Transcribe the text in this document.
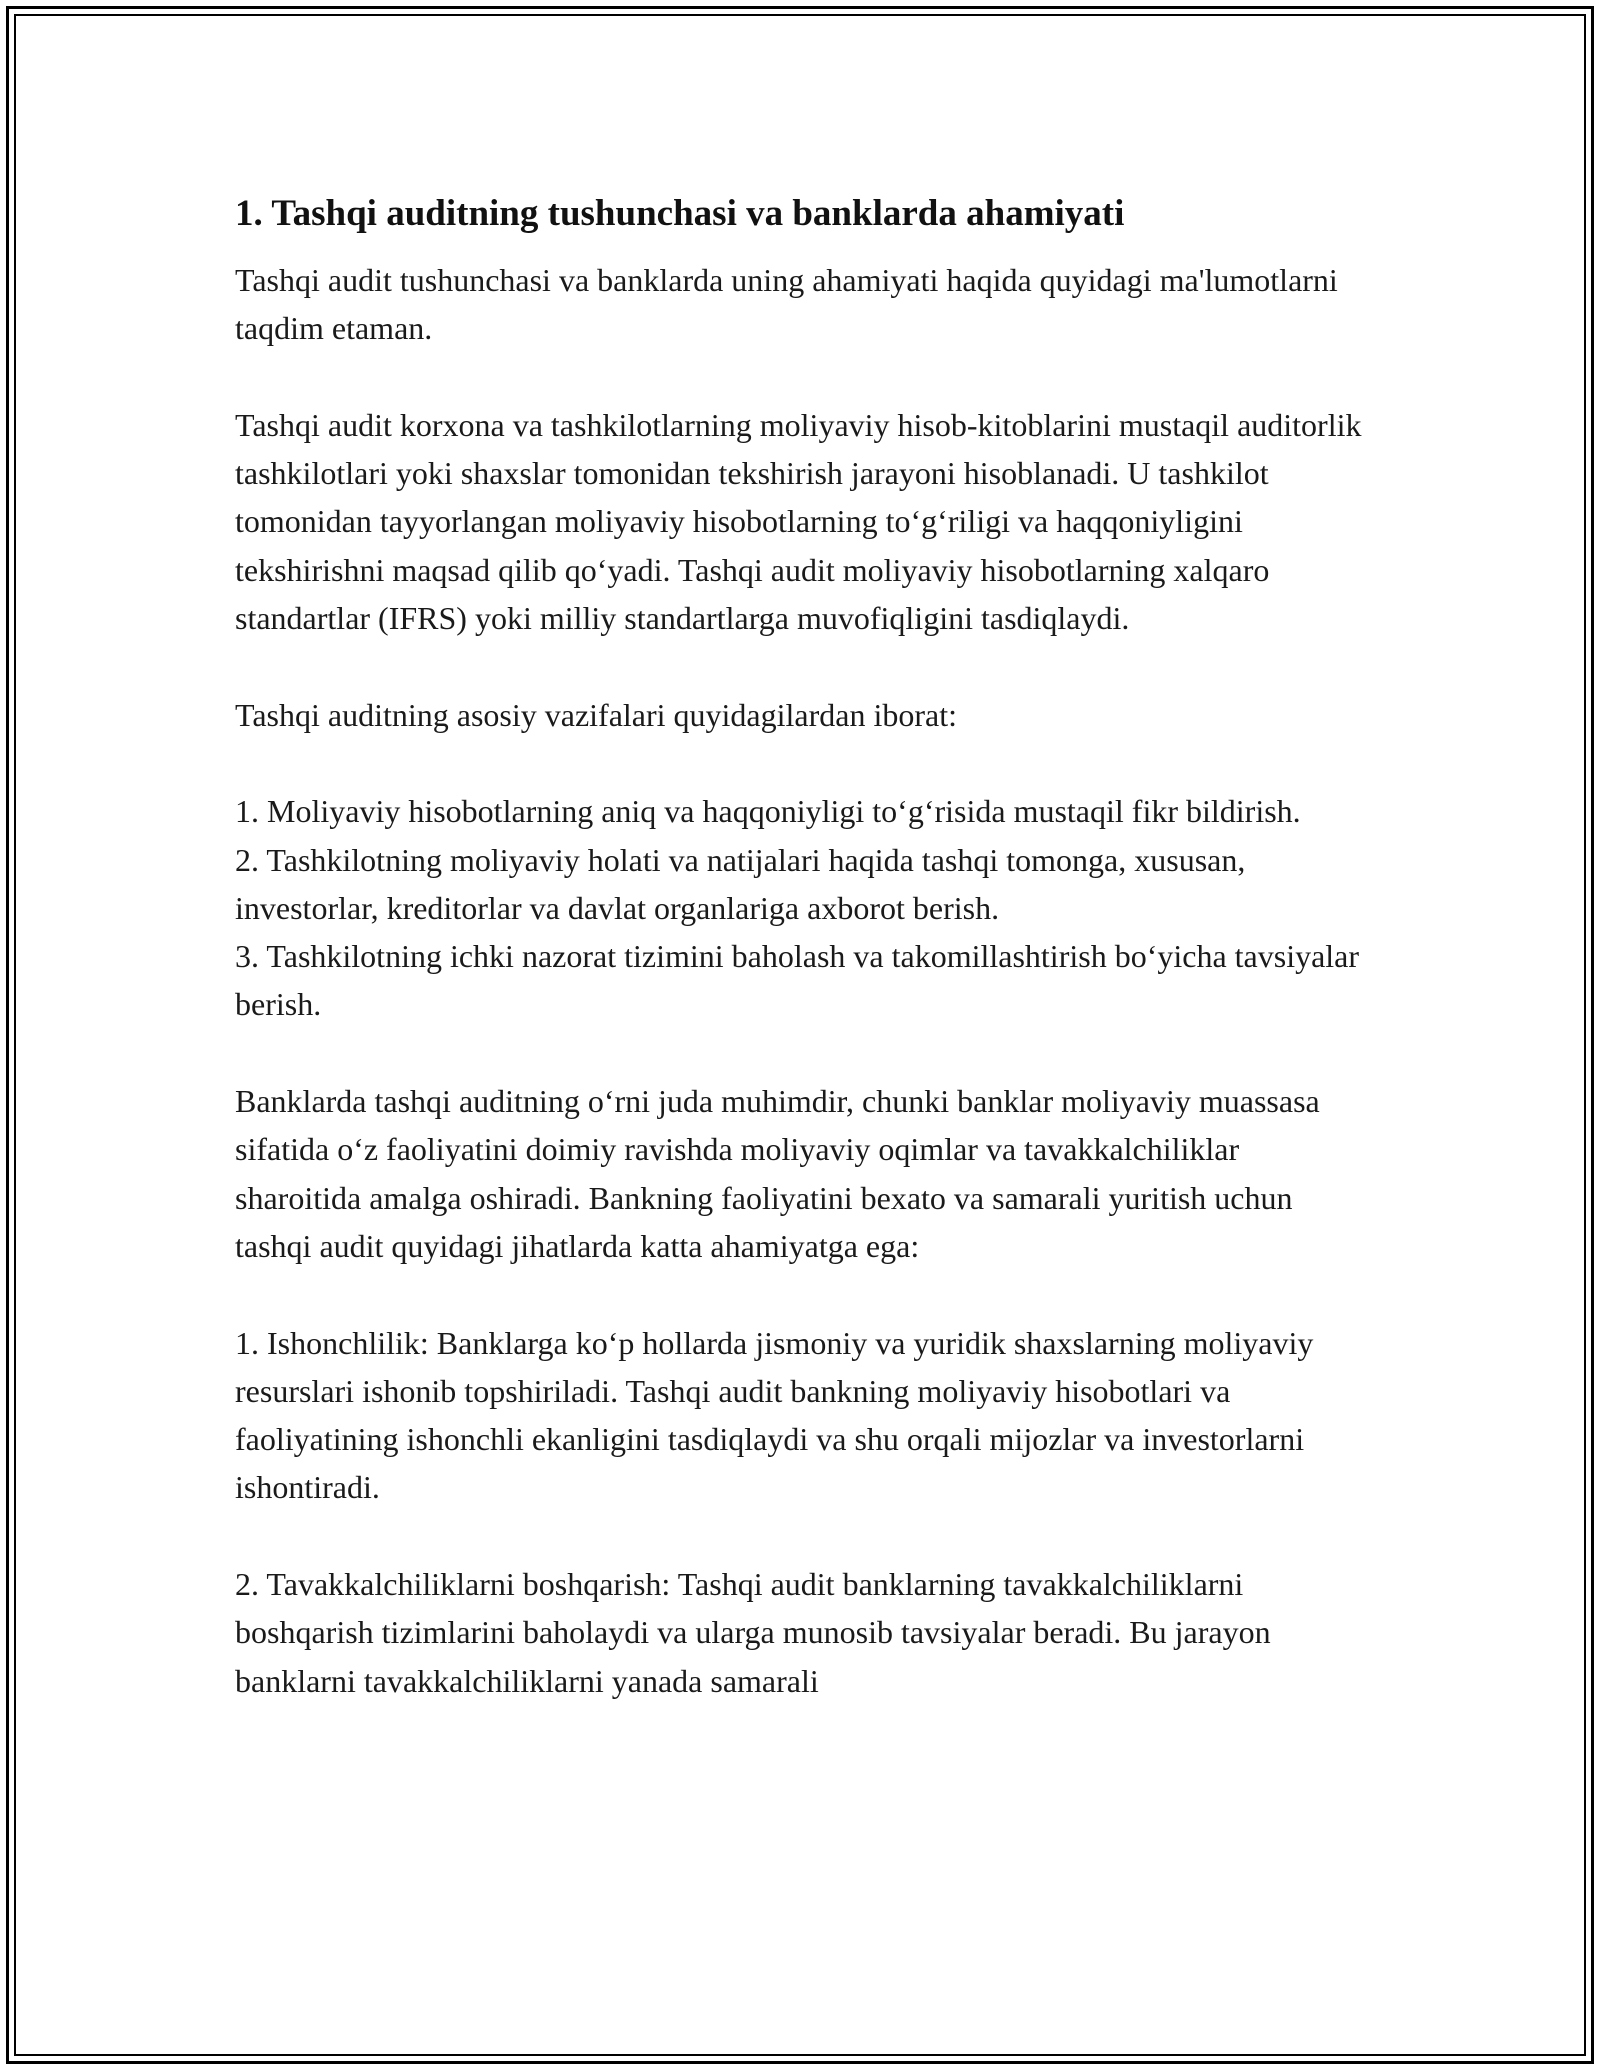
1. Tashqi auditning tushunchasi va banklarda ahamiyati

Tashqi audit tushunchasi va banklarda uning ahamiyati haqida quyidagi ma'lumotlarni taqdim etaman.

Tashqi audit korxona va tashkilotlarning moliyaviy hisob-kitoblarini mustaqil auditorlik tashkilotlari yoki shaxslar tomonidan tekshirish jarayoni hisoblanadi. U tashkilot tomonidan tayyorlangan moliyaviy hisobotlarning to‘g‘riligi va haqqoniyligini tekshirishni maqsad qilib qo‘yadi. Tashqi audit moliyaviy hisobotlarning xalqaro standartlar (IFRS) yoki milliy standartlarga muvofiqligini tasdiqlaydi.

Tashqi auditning asosiy vazifalari quyidagilardan iborat:

1. Moliyaviy hisobotlarning aniq va haqqoniyligi to‘g‘risida mustaqil fikr bildirish.
2. Tashkilotning moliyaviy holati va natijalari haqida tashqi tomonga, xususan, investorlar, kreditorlar va davlat organlariga axborot berish.
3. Tashkilotning ichki nazorat tizimini baholash va takomillashtirish bo‘yicha tavsiyalar berish.

Banklarda tashqi auditning o‘rni juda muhimdir, chunki banklar moliyaviy muassasa sifatida o‘z faoliyatini doimiy ravishda moliyaviy oqimlar va tavakkalchiliklar sharoitida amalga oshiradi. Bankning faoliyatini bexato va samarali yuritish uchun tashqi audit quyidagi jihatlarda katta ahamiyatga ega:

1. Ishonchlilik: Banklarga ko‘p hollarda jismoniy va yuridik shaxslarning moliyaviy resurslari ishonib topshiriladi. Tashqi audit bankning moliyaviy hisobotlari va faoliyatining ishonchli ekanligini tasdiqlaydi va shu orqali mijozlar va investorlarni ishontiradi.

2. Tavakkalchiliklarni boshqarish: Tashqi audit banklarning tavakkalchiliklarni boshqarish tizimlarini baholaydi va ularga munosib tavsiyalar beradi. Bu jarayon banklarni tavakkalchiliklarni yanada samarali
